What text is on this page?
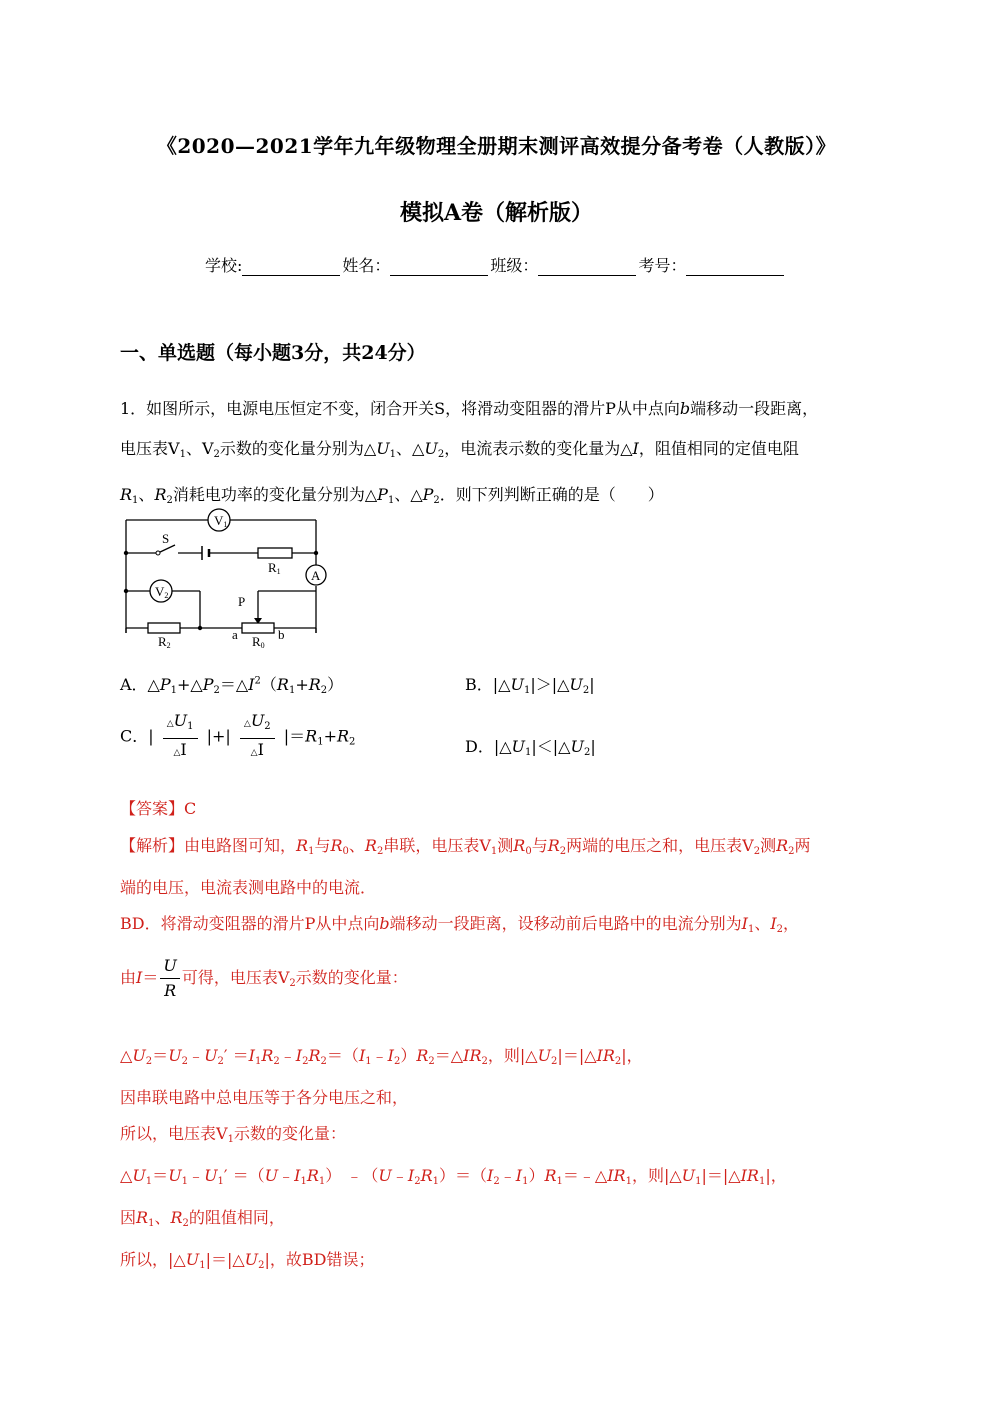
《2020—2021学年九年级物理全册期末测评高效提分备考卷（人教版）》
模拟A卷（解析版）
学校:	姓名：	班级：	考号：
一、单选题（每小题3分，共24分）

1．如图所示，电源电压恒定不变，闭合开关S，将滑动变阻器的滑片P从中点向b端移动一段距离，

电压表$V_1$、$V_2$示数的变化量分别为$\triangle U_1$、$\triangle U_2$，电流表示数的变化量为△I，阻值相同的定值电阻

$R_1$、$R_2$消耗电功率的变化量分别为$\triangle P_1$、$\triangle P_2$．则下列判断正确的是（　　）

V1
S
R1 A
V2	P
R2
a R0
b
A．$\triangle P_1+\triangle P_2=\triangle I^2(R_1+R_2)$	B．$|\triangle U_1|>|\triangle U_2|$
C．| $\frac{\triangle U_1}{\triangle I}$ |+| $\frac{\triangle U_2}{\triangle I} |=R_1+R_2$	D．$|\triangle U_1|<|\triangle U_2|$
【答案】C

【解析】由电路图可知，$R_1$与$R_0$、$R_2$串联，电压表$V_1$测$R_0$与$R_2$两端的电压之和，电压表$V_2$测$R_2$两

端的电压，电流表测电路中的电流．

BD．将滑动变阻器的滑片P从中点向b端移动一段距离，设移动前后电路中的电流分别为$I_1$、$I_2$，

由$I= \frac{U}{R}$ 可得，电压表$V_2$示数的变化量：

$\triangle U_2=U_2﹣U_2'$ $=I_1R_2﹣I_2R_2=(I_1﹣I_2)R_2=\triangle IR_2$，则$|\triangle U_2|=|\triangle IR_2|$，

因串联电路中总电压等于各分电压之和，

所以，电压表$V_1$示数的变化量：

$\triangle U_1=U_1﹣U_1'$ $=(U﹣I_1R_1)$ $﹣(U﹣I_2R_1)=(I_2﹣I_1)R_1=﹣\triangle IR_1$，则$|\triangle U_1|=|\triangle IR_1|$，

因$R_1$、$R_2$的阻值相同，

所以，$|\triangle U_1|=|\triangle U_2|$，故BD错误；
